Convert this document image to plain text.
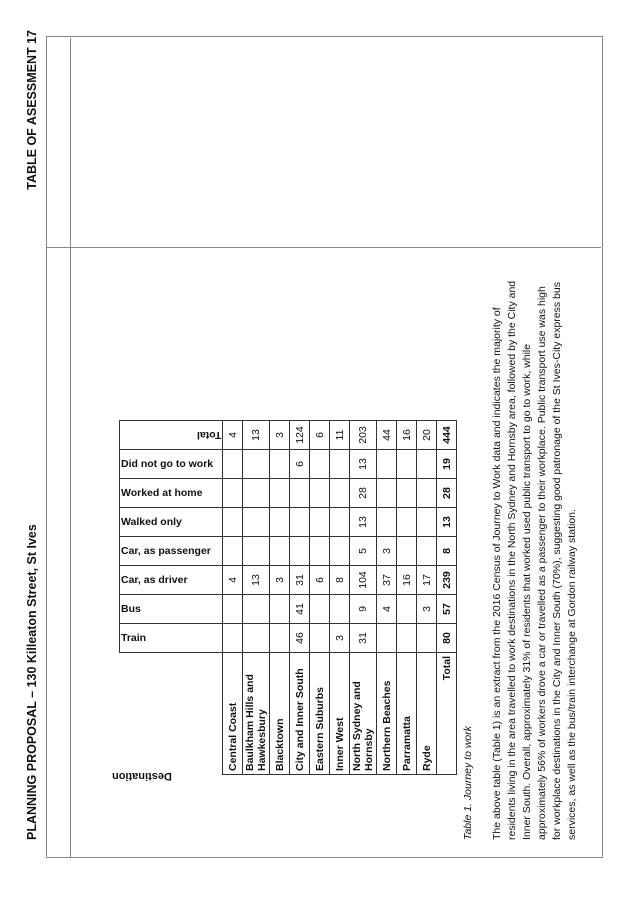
PLANNING PROPOSAL – 130 Killeaton Street, St Ives
TABLE OF ASESSMENT 17
Destination

	Train	Bus	Car, as driver	Car, as passenger	Walked only	Worked at home	Did not go to work	Total

Central Coast			4					4
Baulkham Hills and Hawkesbury			13					13
Blacktown			3					3
City and Inner South	46	41	31				6	124
Eastern Suburbs			6					6
Inner West	3		8					11
North Sydney and Hornsby	31	9	104	5	13	28	13	203
Northern Beaches		4	37	3				44
Parramatta			16					16
Ryde		3	17					20
Total	80	57	239	8	13	28	19	444
Table 1. Journey to work The above table (Table 1) is an extract from the 2016 Census of Journey to Work data and indicates the majority of residents living in the area travelled to work destinations in the North Sydney and Hornsby area, followed by the City and Inner South. Overall, approximately 31% of residents that worked used public transport to go to work, while approximately 56% of workers drove a car or travelled as a passenger to their workplace. Public transport use was high for workplace destinations in the City and Inner South (70%), suggesting good patronage of the St Ives-City express bus services, as well as the bus/train interchange at Gordon railway station.
